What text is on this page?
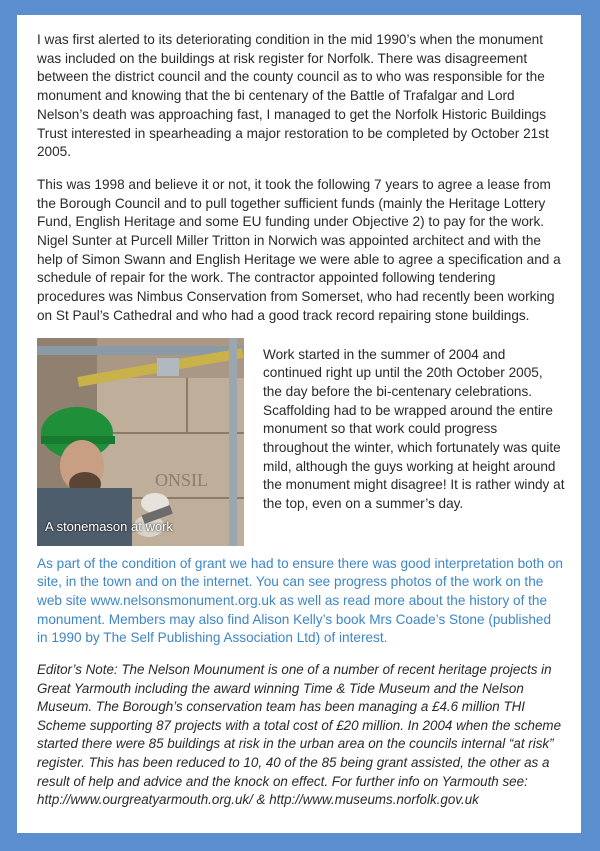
I was first alerted to its deteriorating condition in the mid 1990’s when the monument was included on the buildings at risk register for Norfolk. There was disagreement between the district council and the county council as to who was responsible for the monument and knowing that the bi centenary of the Battle of Trafalgar and Lord Nelson’s death was approaching fast, I managed to get the Norfolk Historic Buildings Trust interested in spearheading a major restoration to be completed by October 21st 2005.

This was 1998 and believe it or not, it took the following 7 years to agree a lease from the Borough Council and to pull together sufficient funds (mainly the Heritage Lottery Fund, English Heritage and some EU funding under Objective 2) to pay for the work. Nigel Sunter at Purcell Miller Tritton in Norwich was appointed architect and with the help of Simon Swann and English Heritage we were able to agree a specification and a schedule of repair for the work. The contractor appointed following tendering procedures was Nimbus Conservation from Somerset, who had recently been working on St Paul’s Cathedral and who had a good track record repairing stone buildings.

ONSIL
A stonemason at work

Work started in the summer of 2004 and continued right up until the 20th October 2005, the day before the bi-centenary celebrations. Scaffolding had to be wrapped around the entire monument so that work could progress throughout the winter, which fortunately was quite mild, although the guys working at height around the monument might disagree! It is rather windy at the top, even on a summer’s day.

As part of the condition of grant we had to ensure there was good interpretation both on site, in the town and on the internet. You can see progress photos of the work on the web site www.nelsonsmonument.org.uk as well as read more about the history of the monument. Members may also find Alison Kelly’s book Mrs Coade’s Stone (published in 1990 by The Self Publishing Association Ltd) of interest.

Editor’s Note: The Nelson Mounument is one of a number of recent heritage projects in Great Yarmouth including the award winning Time & Tide Museum and the Nelson Museum. The Borough’s conservation team has been managing a £4.6 million THI Scheme supporting 87 projects with a total cost of £20 million. In 2004 when the scheme started there were 85 buildings at risk in the urban area on the councils internal “at risk” register. This has been reduced to 10, 40 of the 85 being grant assisted, the other as a result of help and advice and the knock on effect. For further info on Yarmouth see: http://www.ourgreatyarmouth.org.uk/ & http://www.museums.norfolk.gov.uk
